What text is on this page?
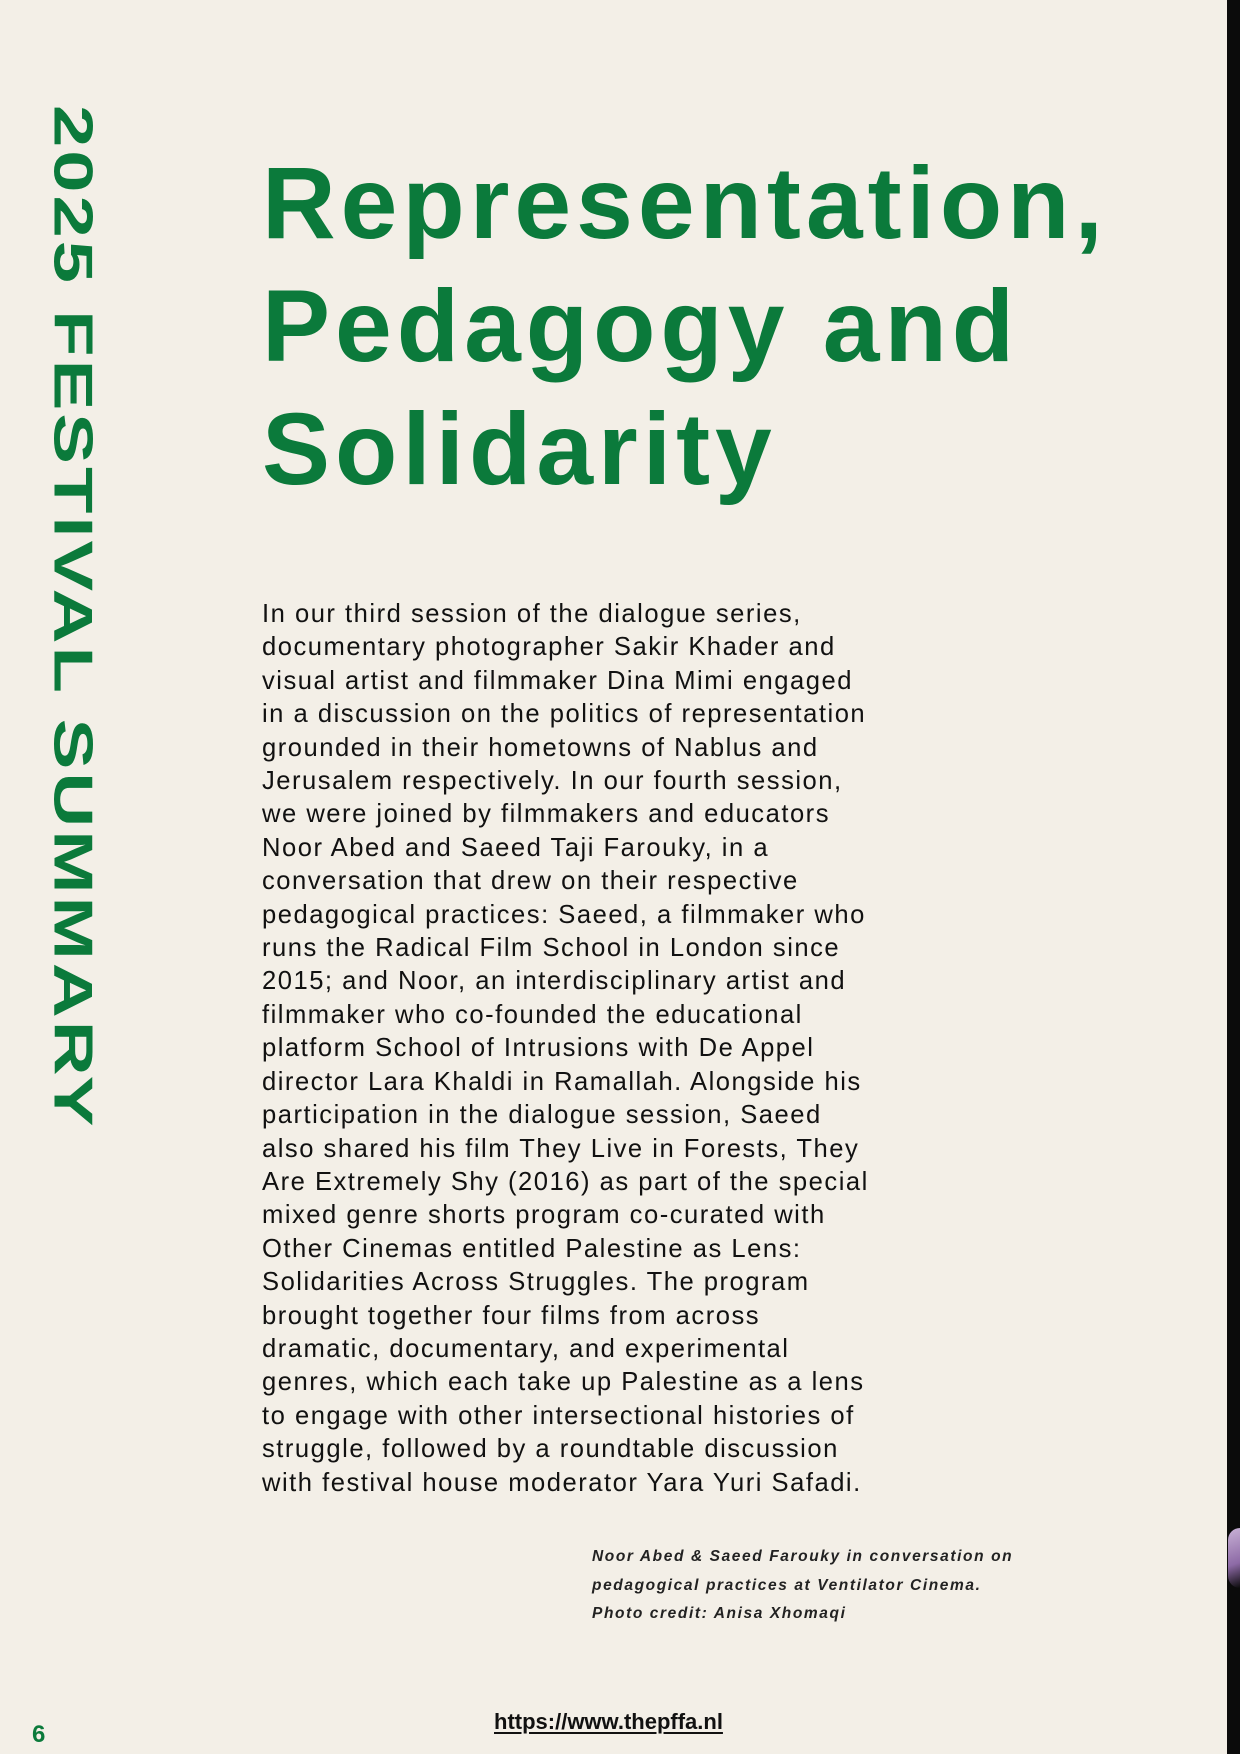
2025 FESTIVAL SUMMARY Representation,
Pedagogy and
Solidarity

In our third session of the dialogue series,
documentary photographer Sakir Khader and
visual artist and filmmaker Dina Mimi engaged
in a discussion on the politics of representation
grounded in their hometowns of Nablus and
Jerusalem respectively. In our fourth session,
we were joined by filmmakers and educators
Noor Abed and Saeed Taji Farouky, in a
conversation that drew on their respective
pedagogical practices: Saeed, a filmmaker who
runs the Radical Film School in London since
2015; and Noor, an interdisciplinary artist and
filmmaker who co-founded the educational
platform School of Intrusions with De Appel
director Lara Khaldi in Ramallah. Alongside his
participation in the dialogue session, Saeed
also shared his film They Live in Forests, They
Are Extremely Shy (2016) as part of the special
mixed genre shorts program co-curated with
Other Cinemas entitled Palestine as Lens:
Solidarities Across Struggles. The program
brought together four films from across
dramatic, documentary, and experimental
genres, which each take up Palestine as a lens
to engage with other intersectional histories of
struggle, followed by a roundtable discussion
with festival house moderator Yara Yuri Safadi.

Noor Abed & Saeed Farouky in conversation on
pedagogical practices at Ventilator Cinema.
Photo credit: Anisa Xhomaqi

https://www.thepffa.nl
6
